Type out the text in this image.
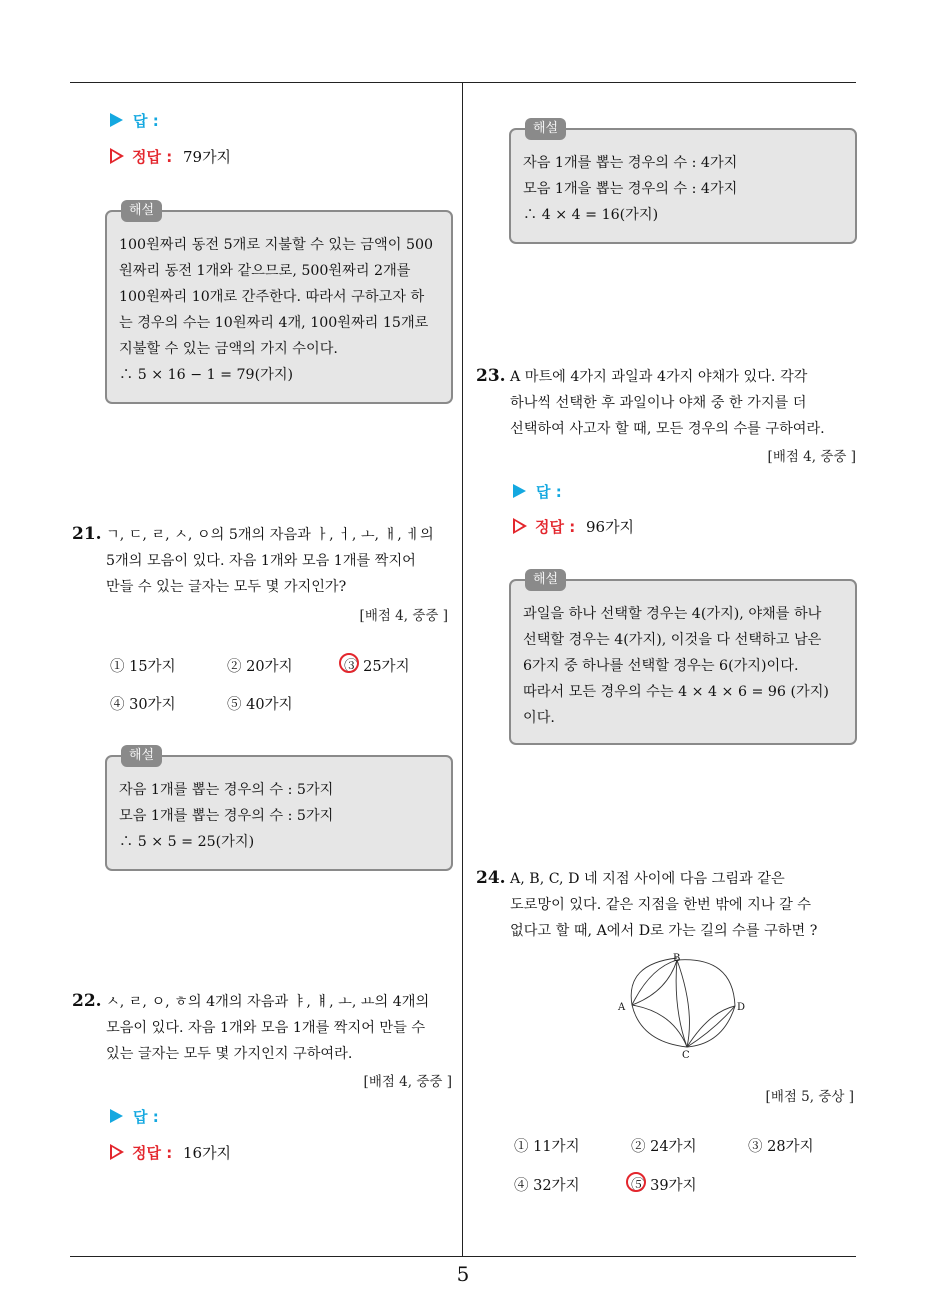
답 :
정답 : 79가지
해설
100원짜리 동전 5개로 지불할 수 있는 금액이 500
원짜리 동전 1개와 같으므로, 500원짜리 2개를
100원짜리 10개로 간주한다. 따라서 구하고자 하
는 경우의 수는 10원짜리 4개, 100원짜리 15개로
지불할 수 있는 금액의 가지 수이다.
∴ 5 × 16 − 1 = 79(가지)
21. ㄱ, ㄷ, ㄹ, ㅅ, ㅇ의 5개의 자음과 ㅏ, ㅓ, ㅗ, ㅐ, ㅔ의
5개의 모음이 있다. 자음 1개와 모음 1개를 짝지어
만들 수 있는 글자는 모두 몇 가지인가?
[배점 4, 중중 ]
① 15가지	② 20가지	③ 25가지
④ 30가지	⑤ 40가지
해설
자음 1개를 뽑는 경우의 수 : 5가지
모음 1개를 뽑는 경우의 수 : 5가지
∴ 5 × 5 = 25(가지)
22. ㅅ, ㄹ, ㅇ, ㅎ의 4개의 자음과 ㅑ, ㅒ, ㅗ, ㅛ의 4개의
모음이 있다. 자음 1개와 모음 1개를 짝지어 만들 수
있는 글자는 모두 몇 가지인지 구하여라.
[배점 4, 중중 ]
답 :
정답 : 16가지
해설
자음 1개를 뽑는 경우의 수 : 4가지
모음 1개을 뽑는 경우의 수 : 4가지
∴ 4 × 4 = 16(가지)
23. A 마트에 4가지 과일과 4가지 야채가 있다. 각각
하나씩 선택한 후 과일이나 야채 중 한 가지를 더
선택하여 사고자 할 때, 모든 경우의 수를 구하여라.
[배점 4, 중중 ]
답 :
정답 : 96가지
해설
과일을 하나 선택할 경우는 4(가지), 야채를 하나
선택할 경우는 4(가지), 이것을 다 선택하고 남은
6가지 중 하나를 선택할 경우는 6(가지)이다.
따라서 모든 경우의 수는 4 × 4 × 6 = 96 (가지)
이다.
24. A, B, C, D 네 지점 사이에 다음 그림과 같은
도로망이 있다. 같은 지점을 한번 밖에 지나 갈 수
없다고 할 때, A에서 D로 가는 길의 수를 구하면 ?
A
B
C
D
[배점 5, 중상 ]
① 11가지	② 24가지	③ 28가지
④ 32가지	⑤ 39가지
5
